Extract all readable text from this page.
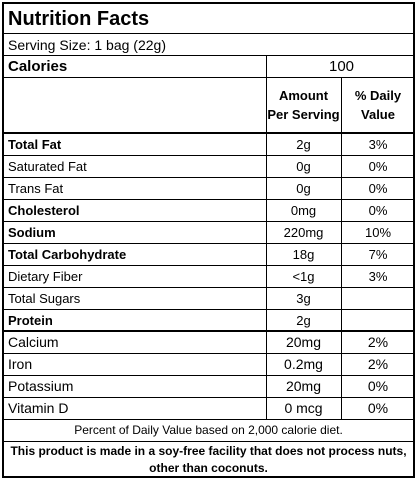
Nutrition Facts
Serving Size: 1 bag (22g)
Calories	100
Amount
Per Serving
% Daily
Value
Total Fat	2g	3%
Saturated Fat	0g	0%
Trans Fat	0g	0%
Cholesterol	0mg	0%
Sodium	220mg	10%
Total Carbohydrate	18g	7%
Dietary Fiber	<1g	3%
Total Sugars	3g
Protein	2g
Calcium	20mg	2%
Iron	0.2mg	2%
Potassium	20mg	0%
Vitamin D	0 mcg	0%
Percent of Daily Value based on 2,000 calorie diet.
This product is made in a soy-free facility that does not process nuts, other than coconuts.
